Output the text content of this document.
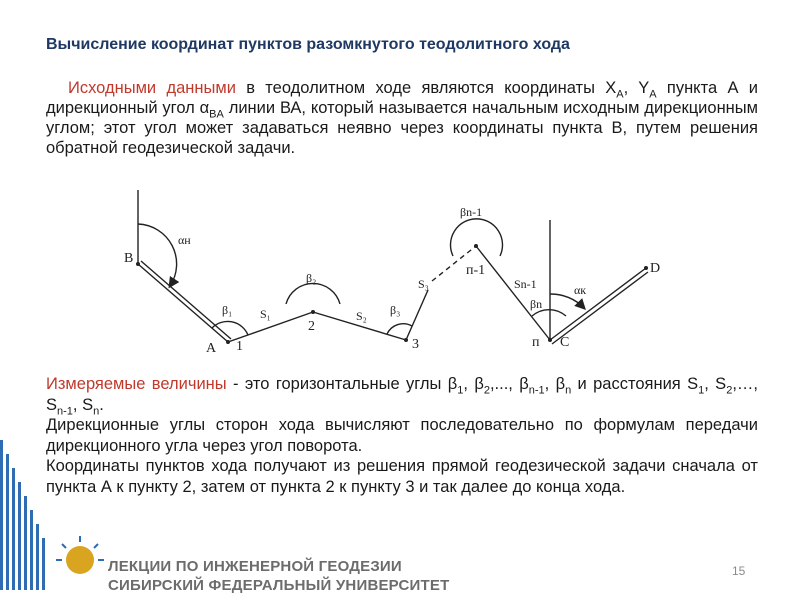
Вычисление координат пунктов разомкнутого теодолитного хода
Исходными данными в теодолитном ходе являются координаты $X_A$, $Y_A$ пункта А и дирекционный угол $\alpha_{BA}$ линии ВА, который называется начальным исходным дирекционным углом; этот угол может задаваться неявно через координаты пункта В, путем решения обратной геодезической задачи.
B
A 1
2
3
п-1
п C
D
αн
αк
β₁
β₂
β₃
βn-1
βn
S₁	S₂
S₃	Sn-1
Измеряемые величины - это горизонтальные углы $\beta_1$, $\beta_2$,..., $\beta_{n-1}$, $\beta_n$ и расстояния $S_1$, $S_2,\dots$, $S_{n-1}$, $S_n$.
Дирекционные углы сторон хода вычисляют последовательно по формулам передачи дирекционного угла через угол поворота.
Координаты пунктов хода получают из решения прямой геодезической задачи сначала от пункта А к пункту 2, затем от пункта 2 к пункту 3 и так далее до конца хода.
ЛЕКЦИИ ПО ИНЖЕНЕРНОЙ ГЕОДЕЗИИ
СИБИРСКИЙ ФЕДЕРАЛЬНЫЙ УНИВЕРСИТЕТ
15
